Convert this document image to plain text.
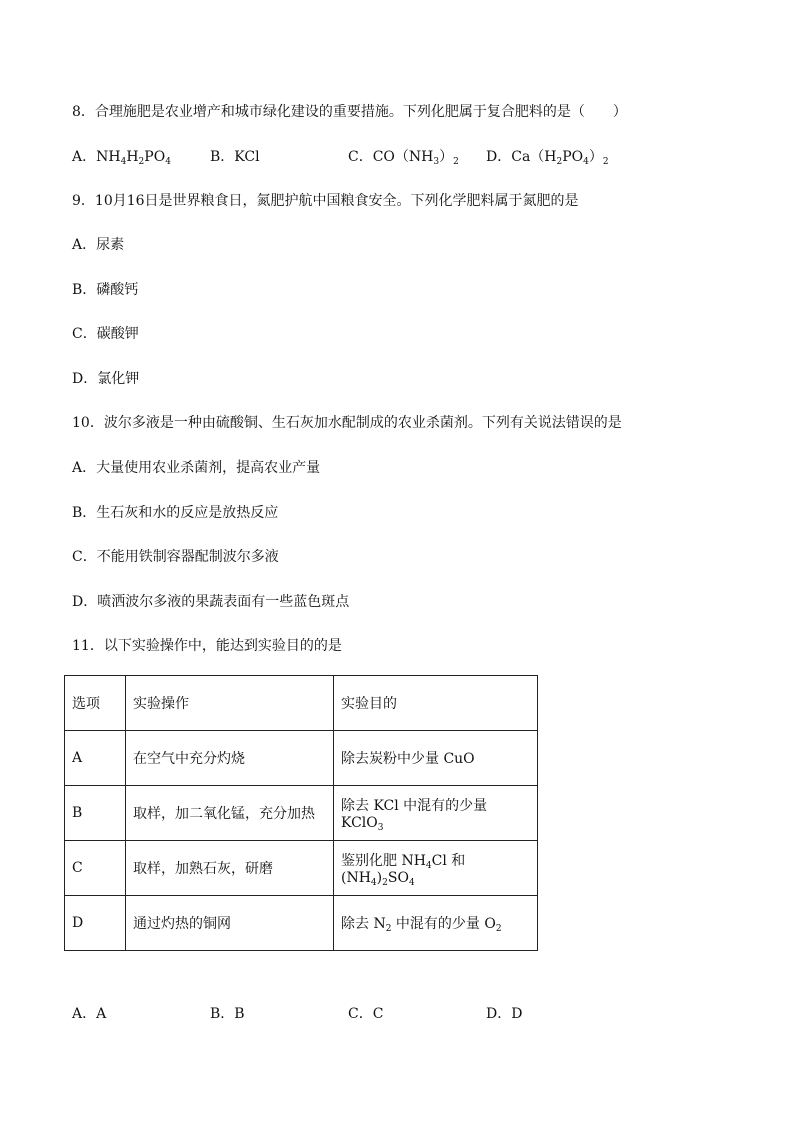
8．合理施肥是农业增产和城市绿化建设的重要措施。下列化肥属于复合肥料的是（　　）
A．$NH_4H_2PO_4$	B．KCl	C．$CO(NH_3)_2$ D．$Ca(H_2PO_4)_2$
9．10月16日是世界粮食日，氮肥护航中国粮食安全。下列化学肥料属于氮肥的是
A．尿素
B．磷酸钙
C．碳酸钾
D．氯化钾
10．波尔多液是一种由硫酸铜、生石灰加水配制成的农业杀菌剂。下列有关说法错误的是
A．大量使用农业杀菌剂，提高农业产量
B．生石灰和水的反应是放热反应
C．不能用铁制容器配制波尔多液
D．喷洒波尔多液的果蔬表面有一些蓝色斑点
11．以下实验操作中，能达到实验目的的是
选项	实验操作	实验目的
A	在空气中充分灼烧	除去炭粉中少量 CuO
B	取样，加二氧化锰，充分加热	除去 KCl 中混有的少量 KClO$_3$
C	取样，加熟石灰，研磨	鉴别化肥 $NH_4Cl$ 和$(NH_4)_2SO_4$
D	通过灼热的铜网	除去 $N_2$ 中混有的少量 $O_2$
A．A	B．B	C．C	D．D
